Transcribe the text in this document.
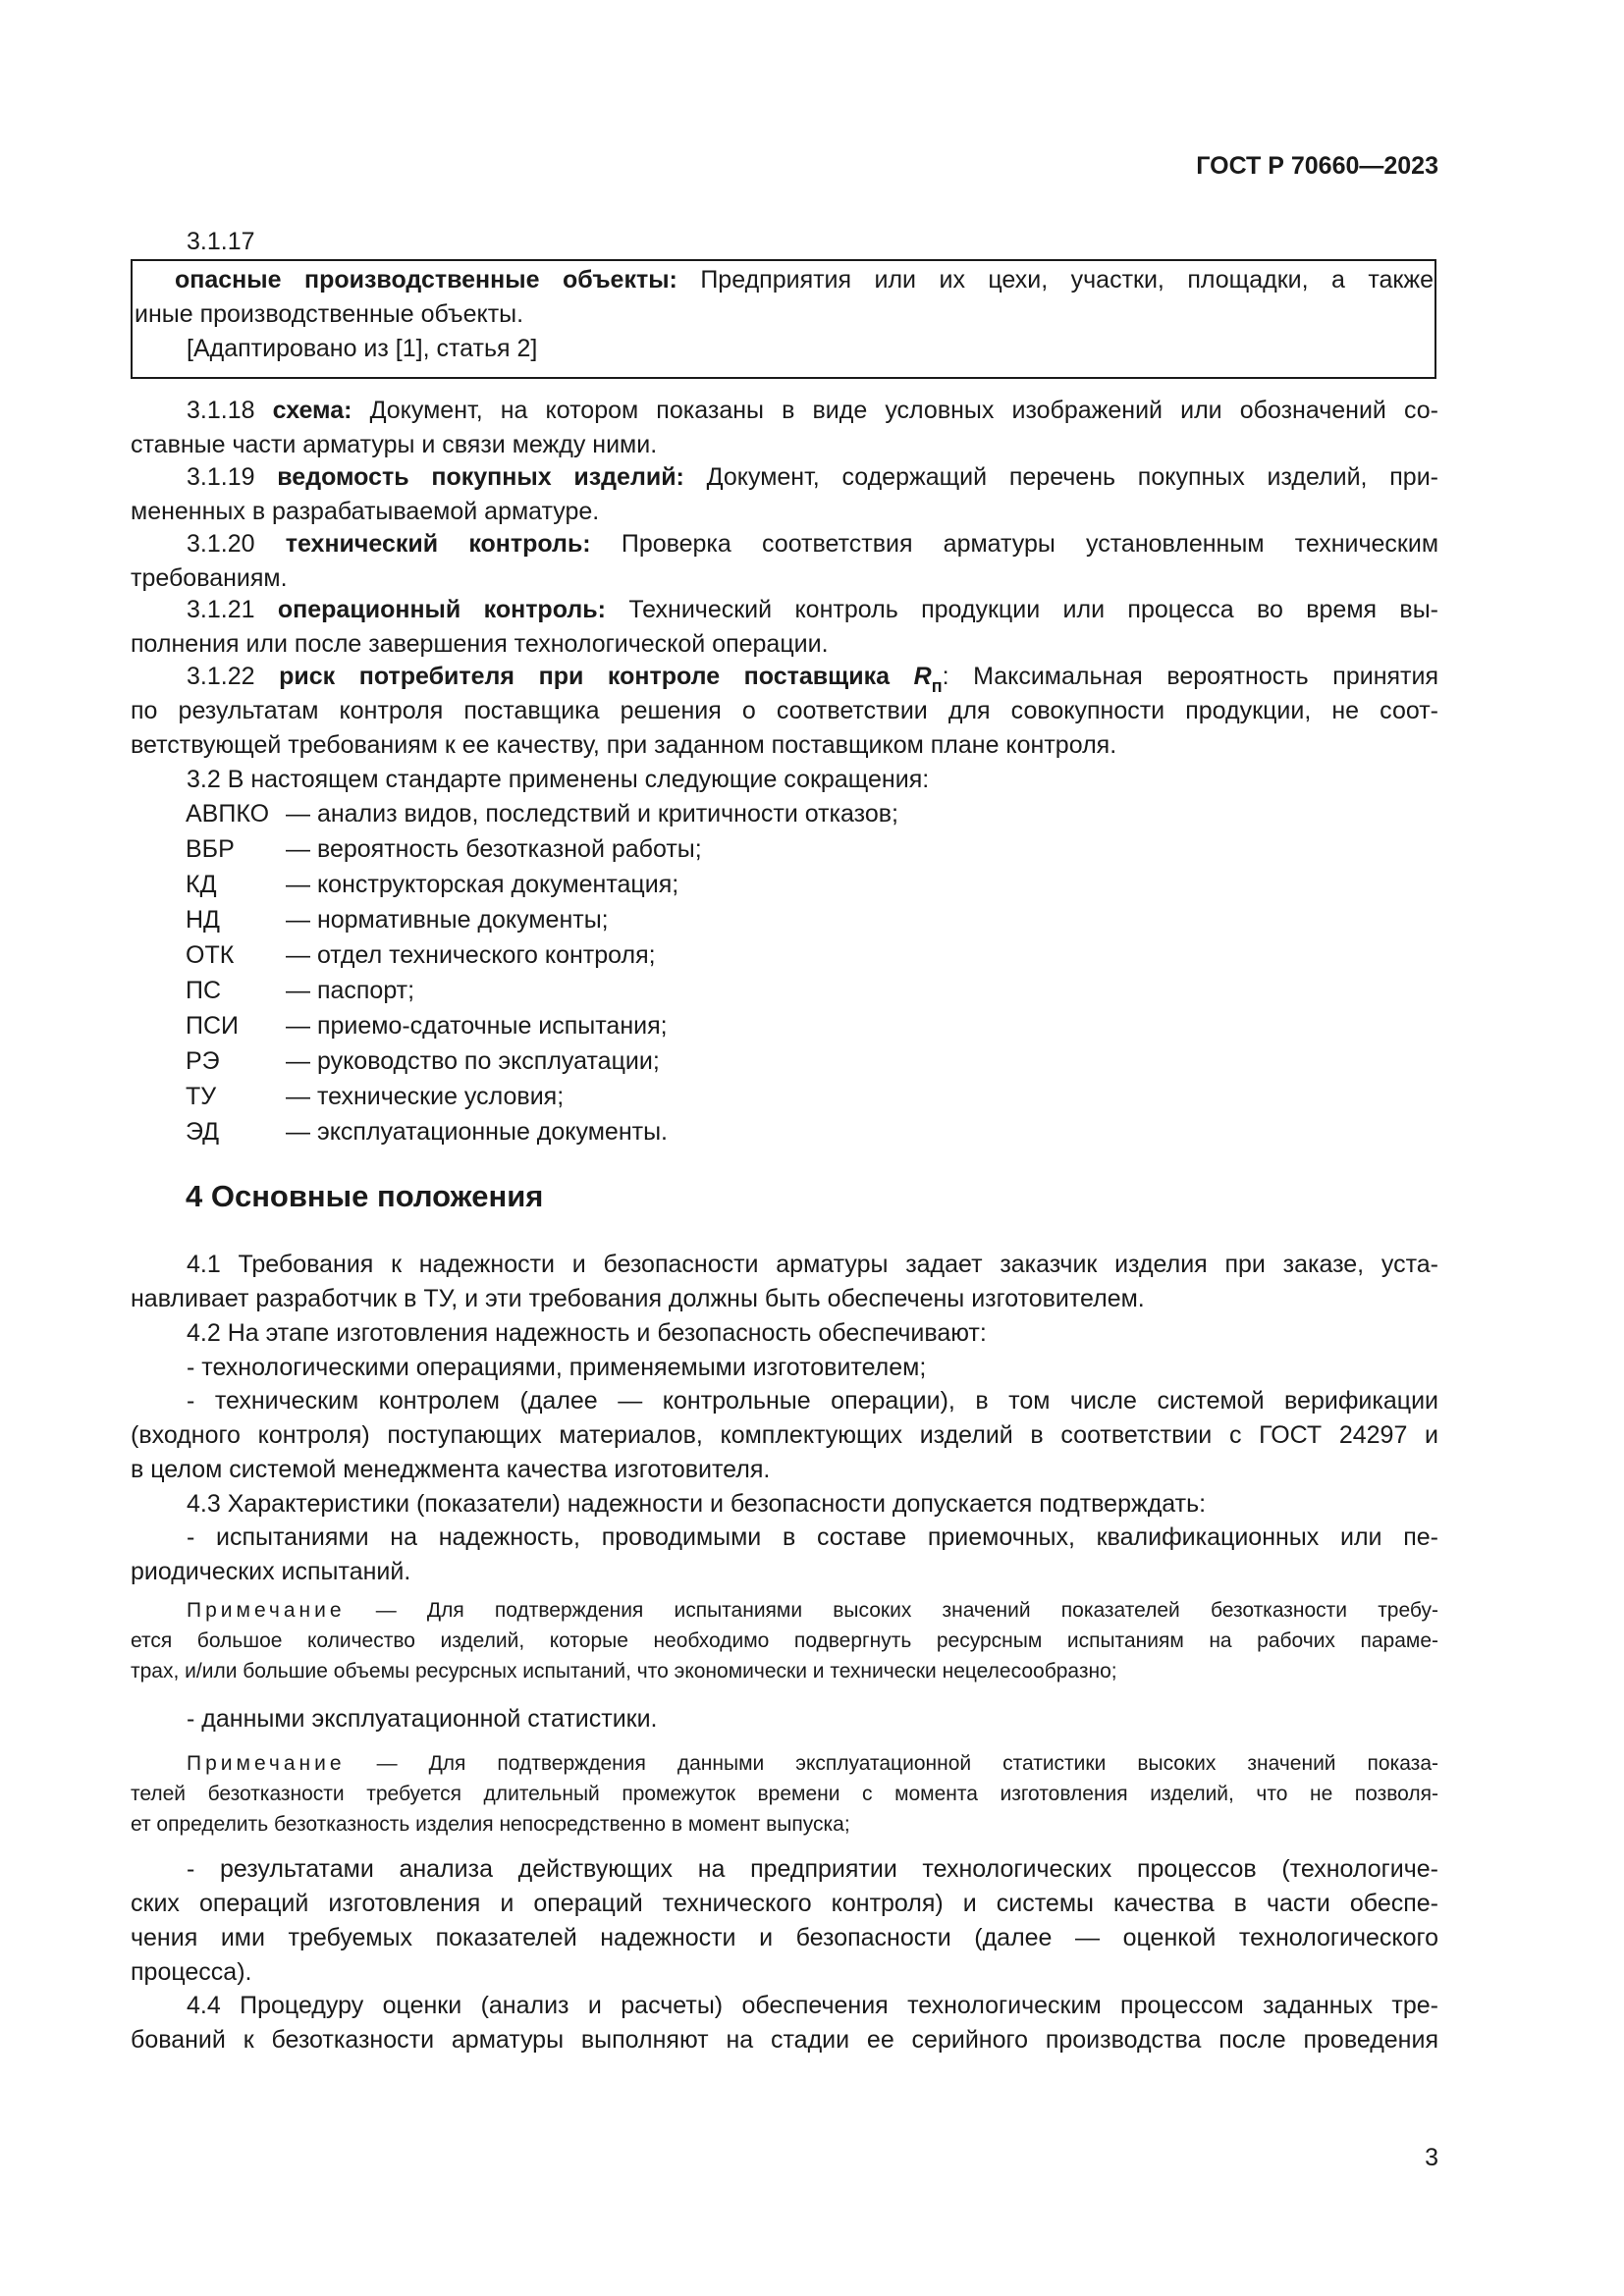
ГОСТ Р 70660—2023
3.1.17
опасные производственные объекты: Предприятия или их цехи, участки, площадки, а также
иные производственные объекты.
[Адаптировано из [1], статья 2]
3.1.18 схема: Документ, на котором показаны в виде условных изображений или обозначений со-
ставные части арматуры и связи между ними.
3.1.19 ведомость покупных изделий: Документ, содержащий перечень покупных изделий, при-
мененных в разрабатываемой арматуре.
3.1.20 технический контроль: Проверка соответствия арматуры установленным техническим
требованиям.
3.1.21 операционный контроль: Технический контроль продукции или процесса во время вы-
полнения или после завершения технологической операции.
3.1.22 риск потребителя при контроле поставщика $R_п$: Максимальная вероятность принятия
по результатам контроля поставщика решения о соответствии для совокупности продукции, не соот-
ветствующей требованиям к ее качеству, при заданном поставщиком плане контроля.
3.2 В настоящем стандарте применены следующие сокращения:
АВПКО — анализ видов, последствий и критичности отказов;
ВБР — вероятность безотказной работы;
КД	— конструкторская документация;
НД	— нормативные документы;
ОТК — отдел технического контроля;
ПС	— паспорт;
ПСИ — приемо-сдаточные испытания;
РЭ	— руководство по эксплуатации;
ТУ	— технические условия;
ЭД	— эксплуатационные документы.
4 Основные положения
4.1 Требования к надежности и безопасности арматуры задает заказчик изделия при заказе, уста-
навливает разработчик в ТУ, и эти требования должны быть обеспечены изготовителем.
4.2 На этапе изготовления надежность и безопасность обеспечивают:
- технологическими операциями, применяемыми изготовителем;
- техническим контролем (далее — контрольные операции), в том числе системой верификации
(входного контроля) поступающих материалов, комплектующих изделий в соответствии с ГОСТ 24297 и
в целом системой менеджмента качества изготовителя.
4.3 Характеристики (показатели) надежности и безопасности допускается подтверждать:
- испытаниями на надежность, проводимыми в составе приемочных, квалификационных или пе-
риодических испытаний.
Примечание — Для подтверждения испытаниями высоких значений показателей безотказности требу-
ется большое количество изделий, которые необходимо подвергнуть ресурсным испытаниям на рабочих параме-
трах, и/или большие объемы ресурсных испытаний, что экономически и технически нецелесообразно;
- данными эксплуатационной статистики.
Примечание — Для подтверждения данными эксплуатационной статистики высоких значений показа-
телей безотказности требуется длительный промежуток времени с момента изготовления изделий, что не позволя-
ет определить безотказность изделия непосредственно в момент выпуска;
- результатами анализа действующих на предприятии технологических процессов (технологиче-
ских операций изготовления и операций технического контроля) и системы качества в части обеспе-
чения ими требуемых показателей надежности и безопасности (далее — оценкой технологического
процесса).
4.4 Процедуру оценки (анализ и расчеты) обеспечения технологическим процессом заданных тре-
бований к безотказности арматуры выполняют на стадии ее серийного производства после проведения
3
